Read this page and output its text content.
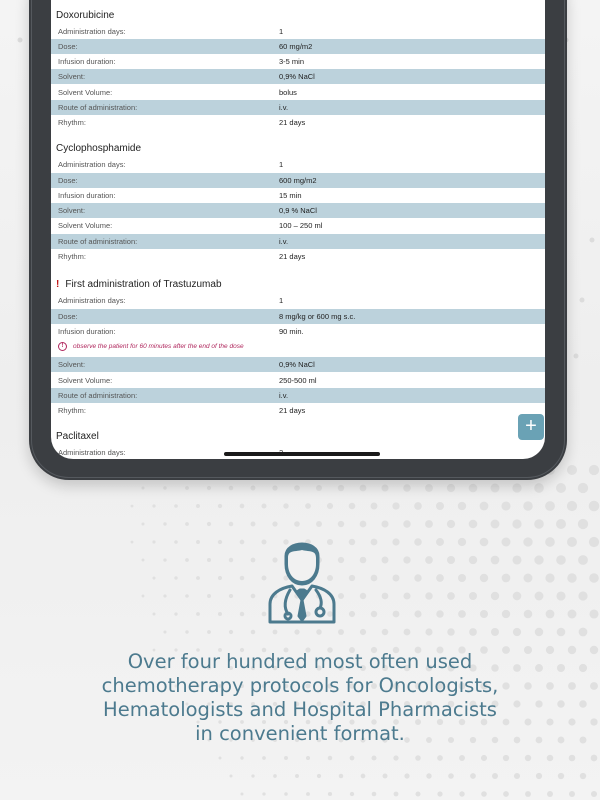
Doxorubicine
Administration days:	1
Dose:	60 mg/m2
Infusion duration:	3-5 min
Solvent:	0,9% NaCl
Solvent Volume:	bolus
Route of administration:	i.v.
Rhythm:	21 days
Cyclophosphamide
Administration days:	1
Dose:	600 mg/m2
Infusion duration:	15 min
Solvent:	0,9 % NaCl
Solvent Volume:	100 – 250 ml
Route of administration:	i.v.
Rhythm:	21 days
! First administration of Trastuzumab
Administration days:	1
Dose:	8 mg/kg or 600 mg s.c.
Infusion duration:	90 min.
!	observe the patient for 60 minutes after the end of the dose
Solvent:	0,9% NaCl
Solvent Volume:	250-500 ml
Route of administration:	i.v.
Rhythm:	21 days
Paclitaxel
Administration days:
+
Over four hundred most often used
chemotherapy protocols for Oncologists,
Hematologists and Hospital Pharmacists
in convenient format.
